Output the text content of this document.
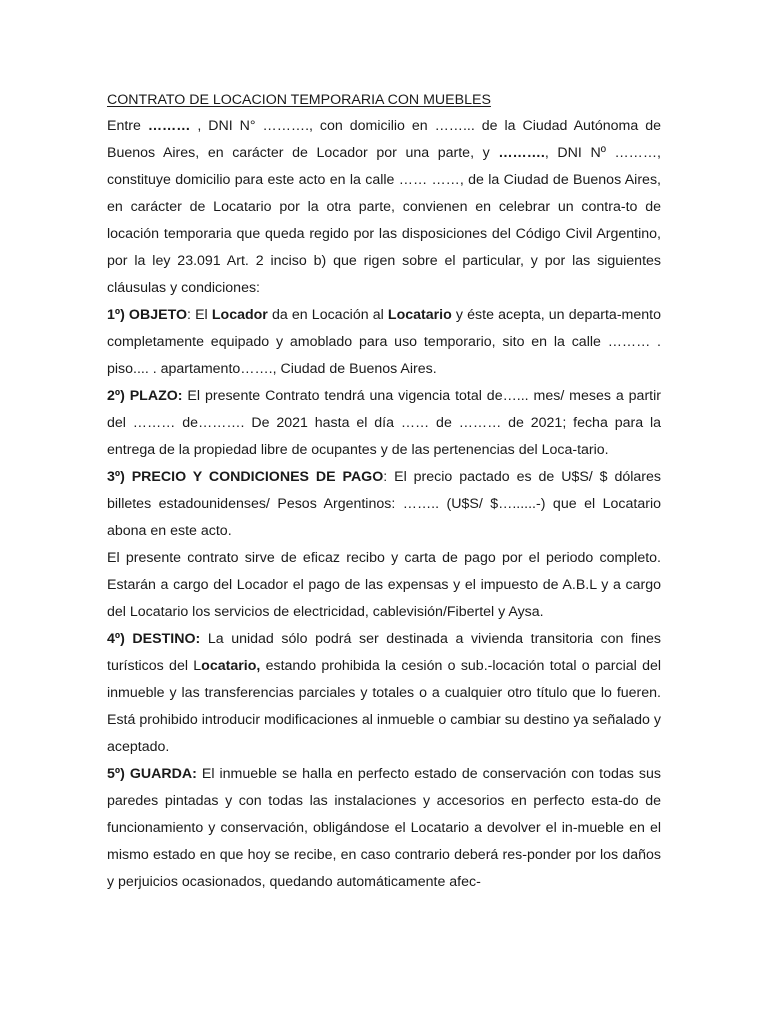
CONTRATO DE LOCACION TEMPORARIA CON MUEBLES

Entre ……… , DNI N° ………., con domicilio en ……... de la Ciudad Autónoma de Buenos Aires, en carácter de Locador por una parte, y ………., DNI Nº ………, constituye domicilio para este acto en la calle …… ……, de la Ciudad de Buenos Aires, en carácter de Locatario por la otra parte, convienen en celebrar un contra-to de locación temporaria que queda regido por las disposiciones del Código Civil Argentino, por la ley 23.091 Art. 2 inciso b) que rigen sobre el particular, y por las siguientes cláusulas y condiciones:

1º) OBJETO: El Locador da en Locación al Locatario y éste acepta, un departa-mento completamente equipado y amoblado para uso temporario, sito en la calle ……… . piso.... . apartamento……., Ciudad de Buenos Aires.

2º) PLAZO: El presente Contrato tendrá una vigencia total de…... mes/ meses a partir del ……… de………. De 2021 hasta el día …… de ……… de 2021; fecha para la entrega de la propiedad libre de ocupantes y de las pertenencias del Loca-tario.

3º) PRECIO Y CONDICIONES DE PAGO: El precio pactado es de U$S/ $ dólares billetes estadounidenses/ Pesos Argentinos: …….. (U$S/ $…......-) que el Locatario abona en este acto.

El presente contrato sirve de eficaz recibo y carta de pago por el periodo completo. Estarán a cargo del Locador el pago de las expensas y el impuesto de A.B.L y a cargo del Locatario los servicios de electricidad, cablevisión/Fibertel y Aysa.

4º) DESTINO: La unidad sólo podrá ser destinada a vivienda transitoria con fines turísticos del Locatario, estando prohibida la cesión o sub.-locación total o parcial del inmueble y las transferencias parciales y totales o a cualquier otro título que lo fueren. Está prohibido introducir modificaciones al inmueble o cambiar su destino ya señalado y aceptado.

5º) GUARDA: El inmueble se halla en perfecto estado de conservación con todas sus paredes pintadas y con todas las instalaciones y accesorios en perfecto esta-do de funcionamiento y conservación, obligándose el Locatario a devolver el in-mueble en el mismo estado en que hoy se recibe, en caso contrario deberá res-ponder por los daños y perjuicios ocasionados, quedando automáticamente afec-
